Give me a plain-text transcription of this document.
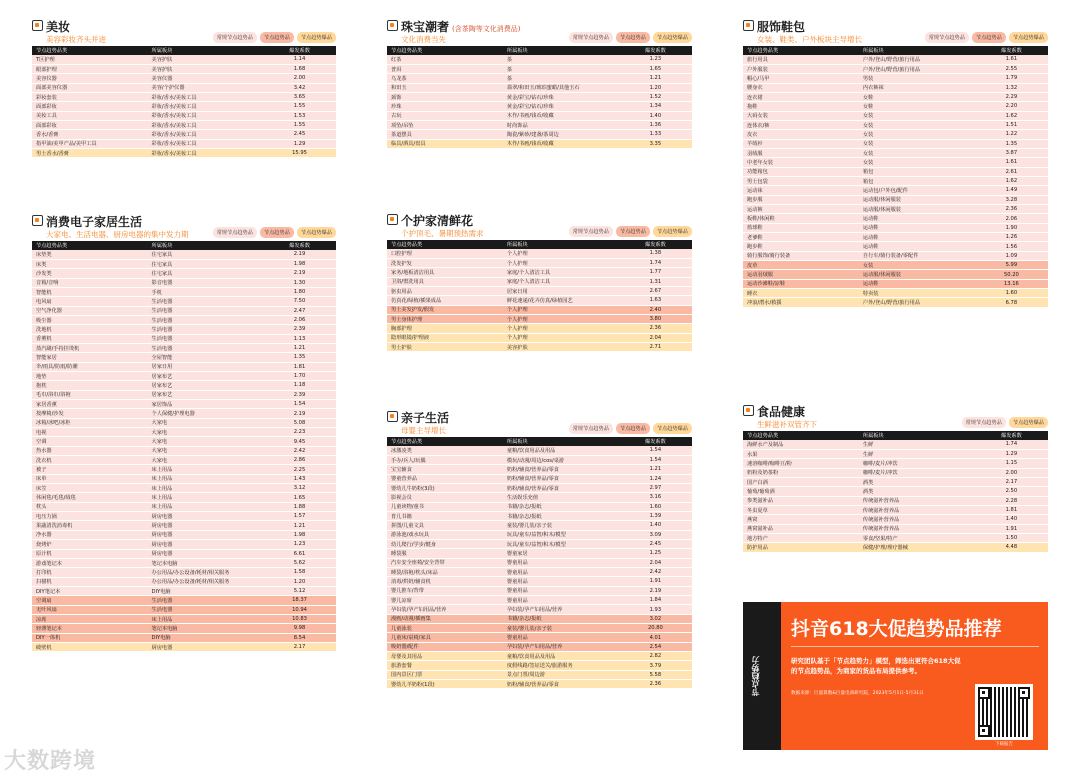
美妆
美容彩妆齐头并进	常规节点趋势品	节点趋势品	节点趋势爆品
节点趋势品类	所属板块	爆发系数
T区护理	美容护肤	1.14
眼部护理	美容护肤	1.68
美容仪器	美容仪器	2.00
面部美容仪器	美容/个护仪器	3.42
彩妆套装	彩妆/香水/美妆工具	3.65
面部彩妆	彩妆/香水/美妆工具	1.55
美妆工具	彩妆/香水/美妆工具	1.53
面部彩妆	彩妆/香水/美妆工具	1.55
香水/香膏	彩妆/香水/美妆工具	2.45
指甲油/美甲产品/美甲工具	彩妆/香水/美妆工具	1.29
男士香水/香膏	彩妆/香水/美妆工具	15.95
消费电子家居生活
大家电、生活电器、厨房电器的集中发力期	常规节点趋势品	节点趋势品	节点趋势爆品
节点趋势品类	所属板块	爆发系数
床垫类	住宅家具	2.19
床类	住宅家具	1.98
沙发类	住宅家具	2.19
音箱/音响	影音电器	1.30
智能机	手机	1.80
电风扇	生活电器	7.50
空气净化器	生活电器	2.47
吸尘器	生活电器	2.06
洗地机	生活电器	2.39
香薰机	生活电器	1.13
蒸汽刷/手持挂烫机	生活电器	1.21
智能家居	全屋智能	1.35
伞/雨具/防雨/防潮	居家日用	1.81
地垫	居家布艺	1.70
抱枕	居家布艺	1.18
毛巾/浴巾/浴袍	居家布艺	2.39
家居香薰	家居饰品	1.54
按摩椅/沙发	个人保健/护理电器	2.19
冰箱/冰吧/冰柜	大家电	5.08
电视	大家电	2.23
空调	大家电	9.45
热水器	大家电	2.42
洗衣机	大家电	2.86
被子	床上用品	2.25
床单	床上用品	1.43
床笠	床上用品	3.12
休闲毯/毛毯/绒毯	床上用品	1.65
枕头	床上用品	1.88
电压力锅	厨房电器	1.57
果蔬清洗消毒机	厨房电器	1.21
净水器	厨房电器	1.98
烧烤炉	厨房电器	1.23
原汁机	厨房电器	6.61
游戏笔记本	笔记本电脑	5.62
打印机	办公用品/办公设备/耗材/相关服务	1.58
扫描机	办公用品/办公设备/耗材/相关服务	1.20
DIY笔记本	DIY电脑	5.12
空调扇	生活电器	18.37
无叶风扇	生活电器	10.94
凉席	床上用品	10.83
轻薄笔记本	笔记本电脑	9.98
DIY一体机	DIY电脑	8.54
破壁机	厨房电器	2.17
珠宝潮奢 (含茶陶等文化消费品)
文化消费当先	常规节点趋势品	节点趋势品	节点趋势爆品
节点趋势品类	所属板块	爆发系数
红茶	茶	1.23
普洱	茶	1.65
乌龙茶	茶	1.21
和田玉	翡翠/和田玉/琥珀蜜蜡/其他玉石	1.20
颈饰	黄金/彩宝/钻石/珍珠	1.52
珍珠	黄金/彩宝/钻石/珍珠	1.34
古玩	木作/书画/钱币/收藏	1.40
项坠/吊坠	时尚饰品	1.36
茶道摆具	陶瓷/紫砂/建盏/茶周边	1.33
临具/酒具/盘具	木作/书画/钱币/收藏	3.35
个护家清鲜花
个护顶毛、暑期预热需求	常规节点趋势品	节点趋势品	节点趋势爆品
节点趋势品类	所属板块	爆发系数
口腔护理	个人护理	1.38
洗发护发	个人护理	1.74
家务/地板清洁用具	家庭/个人清洁工具	1.77
卫浴/盥洗用具	家庭/个人清洁工具	1.31
驱虫用品	居家日用	2.67
仿真花/绿植/插果成品	鲜花速递/花卉仿真/绿植园艺	1.63
男士美发护发/假发	个人护理	2.40
男士身体护理	个人护理	3.80
胸部护理	个人护理	2.36
隐形眼镜/护理液	个人护理	2.04
男士护肤	美容护肤	2.71
亲子生活
母婴主导增长	常规节点趋势品	节点趋势品	节点趋势爆品
节点趋势品类	所属板块	爆发系数
冰激凌类	童粮/饮食用品及用品	1.54
手办/兵人/玩偶	模玩/动漫/周边/cos/桌游	1.54
宝宝辅食	奶粉/辅食/营养品/零食	1.21
婴童营养品	奶粉/辅食/营养品/零食	1.24
婴幼儿牛奶粉(3段)	奶粉/辅食/营养品/零食	2.97
影视会员	生活娱乐充值	3.16
儿童读物/童书	书籍/杂志/报纸	1.60
育儿书籍	书籍/杂志/报纸	1.39
拼图/儿童文具	童装/婴儿装/亲子装	1.40
游泳池/戏水玩具	玩具/童车/益智/积木/模型	3.09
幼儿爬行/学步/健身	玩具/童车/益智/积木/模型	2.45
睡袋服	婴童家居	1.25
汽车安全座椅/安全背带	婴童用品	2.04
睡袋/浴袍/枕头/床品	婴童用品	2.42
消毒/烘奶/辅食机	婴童用品	1.91
婴儿推车/背带	婴童用品	2.19
婴儿凉席	婴童用品	1.84
孕妇装/孕产妇用品/营养	孕妇装/孕产妇用品/营养	1.93
漫画/动漫/插画集	书籍/杂志/报纸	3.02
儿童泳装	童装/婴儿装/亲子装	20.80
儿童床/桌椅/家具	婴童用品	4.01
吸奶器/配件	孕妇装/孕产妇用品/营养	2.54
母婴及其用品	童粮/饮食用品及用品	2.82
旅游套餐	度假线路/签证送关/旅游服务	3.79
国内景区门票	景点门票/周边游	5.58
婴幼儿羊奶粉(1段)	奶粉/辅食/营养品/零食	2.36
服饰鞋包
女装、鞋类、户外板块主导增长	常规节点趋势品	节点趋势品	节点趋势爆品
节点趋势品类	所属板块	爆发系数
旅行用具	户外/登山/野营/旅行用品	1.61
户外服装	户外/登山/野营/旅行用品	2.55
帽心/马甲	男装	1.79
腰身衣	内衣裤袜	1.32
连衣裙	女鞋	2.29
拖鞋	女鞋	2.20
大码女装	女装	1.62
连体衣/裤	女装	1.51
皮衣	女装	1.22
羊绒衫	女装	1.35
羽绒服	女装	3.87
中老年女装	女装	1.61
功能箱包	箱包	2.61
男士包袋	箱包	1.62
运动袜	运动包/户外包/配件	1.49
跑步服	运动服/休闲服装	3.28
运动裤	运动服/休闲服装	2.36
板鞋/休闲鞋	运动鞋	2.06
篮球鞋	运动鞋	1.90
老爹鞋	运动鞋	1.26
跑步鞋	运动鞋	1.56
骑行服饰/骑行装备	自行车/骑行装备/零配件	1.09
皮草	女装	5.99
运动羽绒服	运动服/休闲服装	50.20
运动沙滩鞋/凉鞋	运动鞋	13.16
睡衣	特卖装	1.60
冲浪/潜水/救援	户外/登山/野营/旅行用品	6.78
食品健康
生鲜滋补双管齐下	常规节点趋势品	节点趋势爆品
节点趋势品类	所属板块	爆发系数
海鲜水产及制品	生鲜	1.74
水果	生鲜	1.29
速溶咖啡/咖啡豆/粉	咖啡/麦片/冲饮	1.15
奶粉及奶茶粉	咖啡/麦片/冲饮	2.00
国产白酒	酒类	2.17
葡萄/葡萄酒	酒类	2.50
参类滋补品	传统滋补营养品	2.28
冬虫夏草	传统滋补营养品	1.81
燕窝	传统滋补营养品	1.40
燕窝滋补品	传统滋补营养品	1.91
地方特产	零食/坚果/特产	1.50
防护用品	保健/护理/理疗器械	4.48
节点趋势力
抖音618大促趋势品推荐
研究团队基于「节点趋势力」模型，筛选出更符合618大促的节点趋势品，为商家的货品布局提供参考。
数据来源：巨量算数&巨量电商研究院，2023年5月1日-5月31日
下载报告
大数跨境
